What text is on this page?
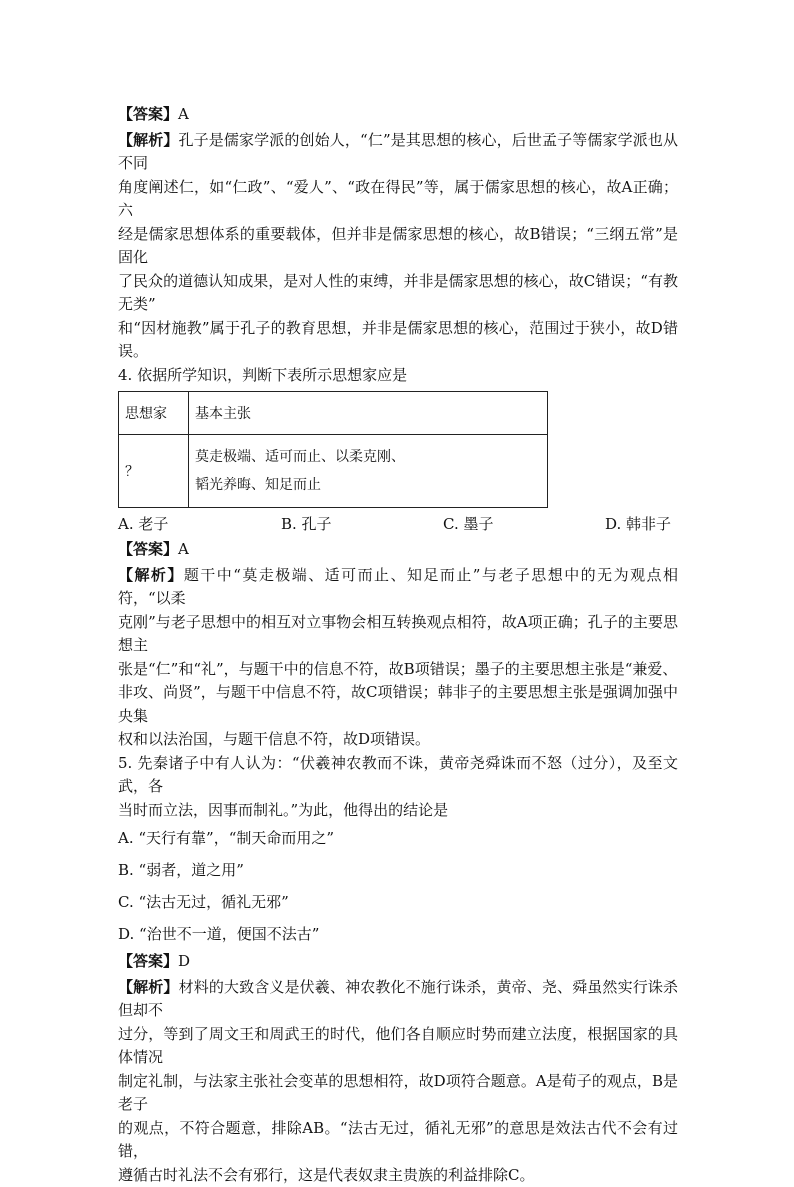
【答案】A

【解析】孔子是儒家学派的创始人，“仁”是其思想的核心，后世孟子等儒家学派也从不同

角度阐述仁，如“仁政”、“爱人”、“政在得民”等，属于儒家思想的核心，故A正确；六

经是儒家思想体系的重要载体，但并非是儒家思想的核心，故B错误；“三纲五常”是固化

了民众的道德认知成果，是对人性的束缚，并非是儒家思想的核心，故C错误；“有教无类”

和“因材施教”属于孔子的教育思想，并非是儒家思想的核心，范围过于狭小，故D错误。

4. 依据所学知识，判断下表所示思想家应是

思想家	基本主张
？	莫走极端、适可而止、以柔克刚、
韬光养晦、知足而止
A. 老子	B. 孔子	C. 墨子	D. 韩非子

【答案】A

【解析】题干中“莫走极端、适可而止、知足而止”与老子思想中的无为观点相符，“以柔

克刚”与老子思想中的相互对立事物会相互转换观点相符，故A项正确；孔子的主要思想主

张是“仁”和“礼”，与题干中的信息不符，故B项错误；墨子的主要思想主张是“兼爱、

非攻、尚贤”，与题干中信息不符，故C项错误；韩非子的主要思想主张是强调加强中央集

权和以法治国，与题干信息不符，故D项错误。

5. 先秦诸子中有人认为：“伏羲神农教而不诛，黄帝尧舜诛而不怒（过分），及至文武，各

当时而立法，因事而制礼。”为此，他得出的结论是

A. “天行有靠”，“制天命而用之”

B. “弱者，道之用”

C. “法古无过，循礼无邪”

D. “治世不一道，便国不法古”

【答案】D

【解析】材料的大致含义是伏羲、神农教化不施行诛杀，黄帝、尧、舜虽然实行诛杀但却不

过分，等到了周文王和周武王的时代，他们各自顺应时势而建立法度，根据国家的具体情况

制定礼制，与法家主张社会变革的思想相符，故D项符合题意。A是荀子的观点，B是老子

的观点，不符合题意，排除AB。“法古无过，循礼无邪”的意思是效法古代不会有过错，

遵循古时礼法不会有邪行，这是代表奴隶主贵族的利益排除C。
